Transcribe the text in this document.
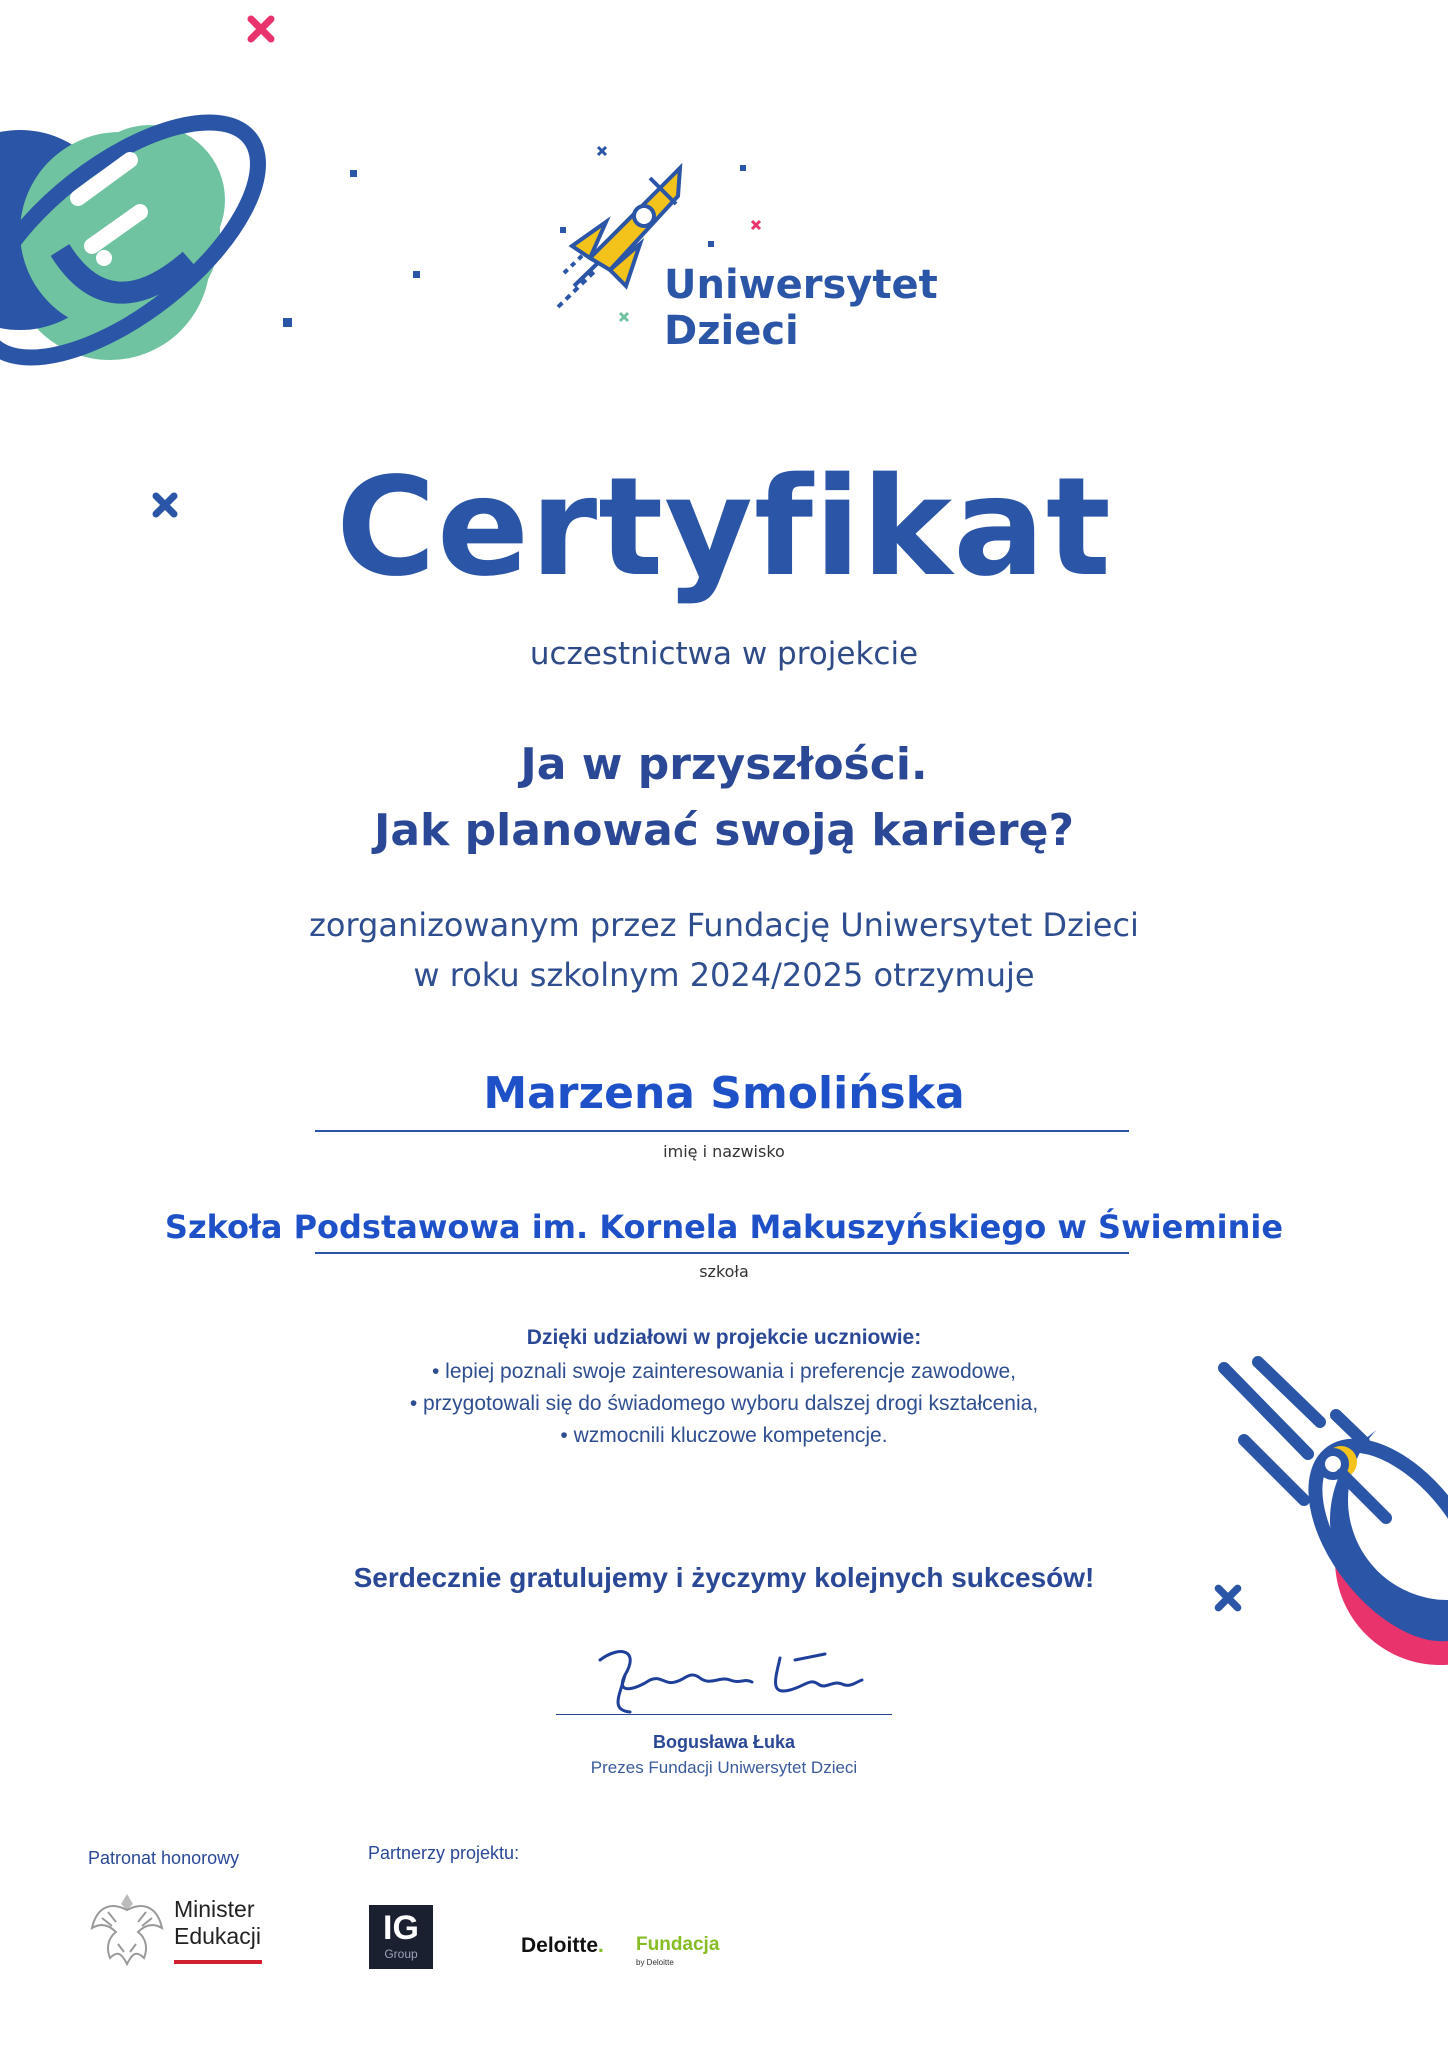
Uniwersytet
Dzieci
Certyfikat
uczestnictwa w projekcie
Ja w przyszłości.
Jak planować swoją karierę?
zorganizowanym przez Fundację Uniwersytet Dzieci
w roku szkolnym 2024/2025 otrzymuje
Marzena Smolińska
imię i nazwisko
Szkoła Podstawowa im. Kornela Makuszyńskiego w Świeminie
szkoła
Dzięki udziałowi w projekcie uczniowie:
• lepiej poznali swoje zainteresowania i preferencje zawodowe,
• przygotowali się do świadomego wyboru dalszej drogi kształcenia,
• wzmocnili kluczowe kompetencje.
Serdecznie gratulujemy i życzymy kolejnych sukcesów!
Bogusława Łuka
Prezes Fundacji Uniwersytet Dzieci
Patronat honorowy	Partnerzy projektu:
Minister
Edukacji	IG
Group	Deloitte. Fundacja
by Deloitte
